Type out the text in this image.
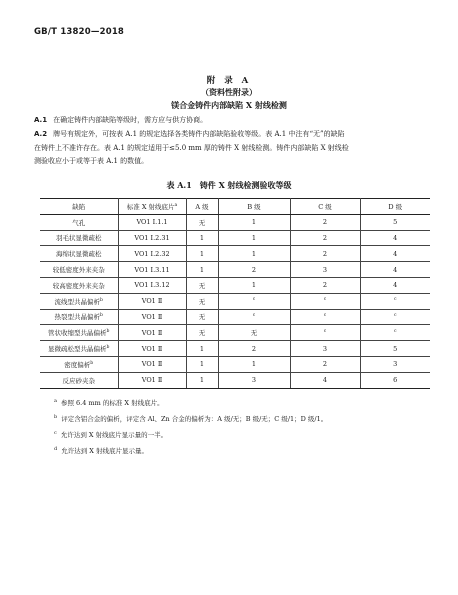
GB/T 13820—2018
附 录 A
（资料性附录）
镁合金铸件内部缺陷 X 射线检测
A.1 在确定铸件内部缺陷等级时，需方应与供方协商。
A.2 牌号有规定外，可按表 A.1 的规定选择各类铸件内部缺陷验收等级。表 A.1 中注有“无”的缺陷
在铸件上不准许存在。表 A.1 的规定适用于≤5.0 mm 厚的铸件 X 射线检测。铸件内部缺陷 X 射线检
测验收应小于或等于表 A.1 的数值。
表 A.1　铸件 X 射线检测验收等级
缺陷	标准 X 射线底片$^a$	A 级	B 级	C 级	D 级
气孔	VO1 Ⅰ.1.1	无	1	2	5
羽毛状显微疏松	VO1 Ⅰ.2.31	1	1	2	4
海绵状显微疏松	VO1 Ⅰ.2.32	1	1	2	4
较低密度外来夹杂	VO1 Ⅰ.3.11	1	2	3	4
较高密度外来夹杂	VO1 Ⅰ.3.12	无	1	2	4
流线型共晶偏析$^b$	VO1 Ⅱ	无	$^c$	$^c$	$^c$
热裂型共晶偏析$^b$	VO1 Ⅱ	无	$^c$	$^c$	$^c$
管状收缩型共晶偏析$^b$	VO1 Ⅱ	无	无	$^c$	$^c$
显微疏松型共晶偏析$^b$	VO1 Ⅱ	1	2	3	5
密度偏析$^b$	VO1 Ⅱ	1	1	2	3
反应砂夹杂	VO1 Ⅱ	1	3	4	6
$^a$ 参照 6.4 mm 的标准 X 射线底片。
$^b$ 评定含铝合金的偏析，评定含 Al、Zn 合金的偏析为：A 级/无；B 级/无；C 级/1；D 级/1。
$^c$ 允许达到 X 射线底片显示量的一半。
$^d$ 允许达到 X 射线底片显示量。
